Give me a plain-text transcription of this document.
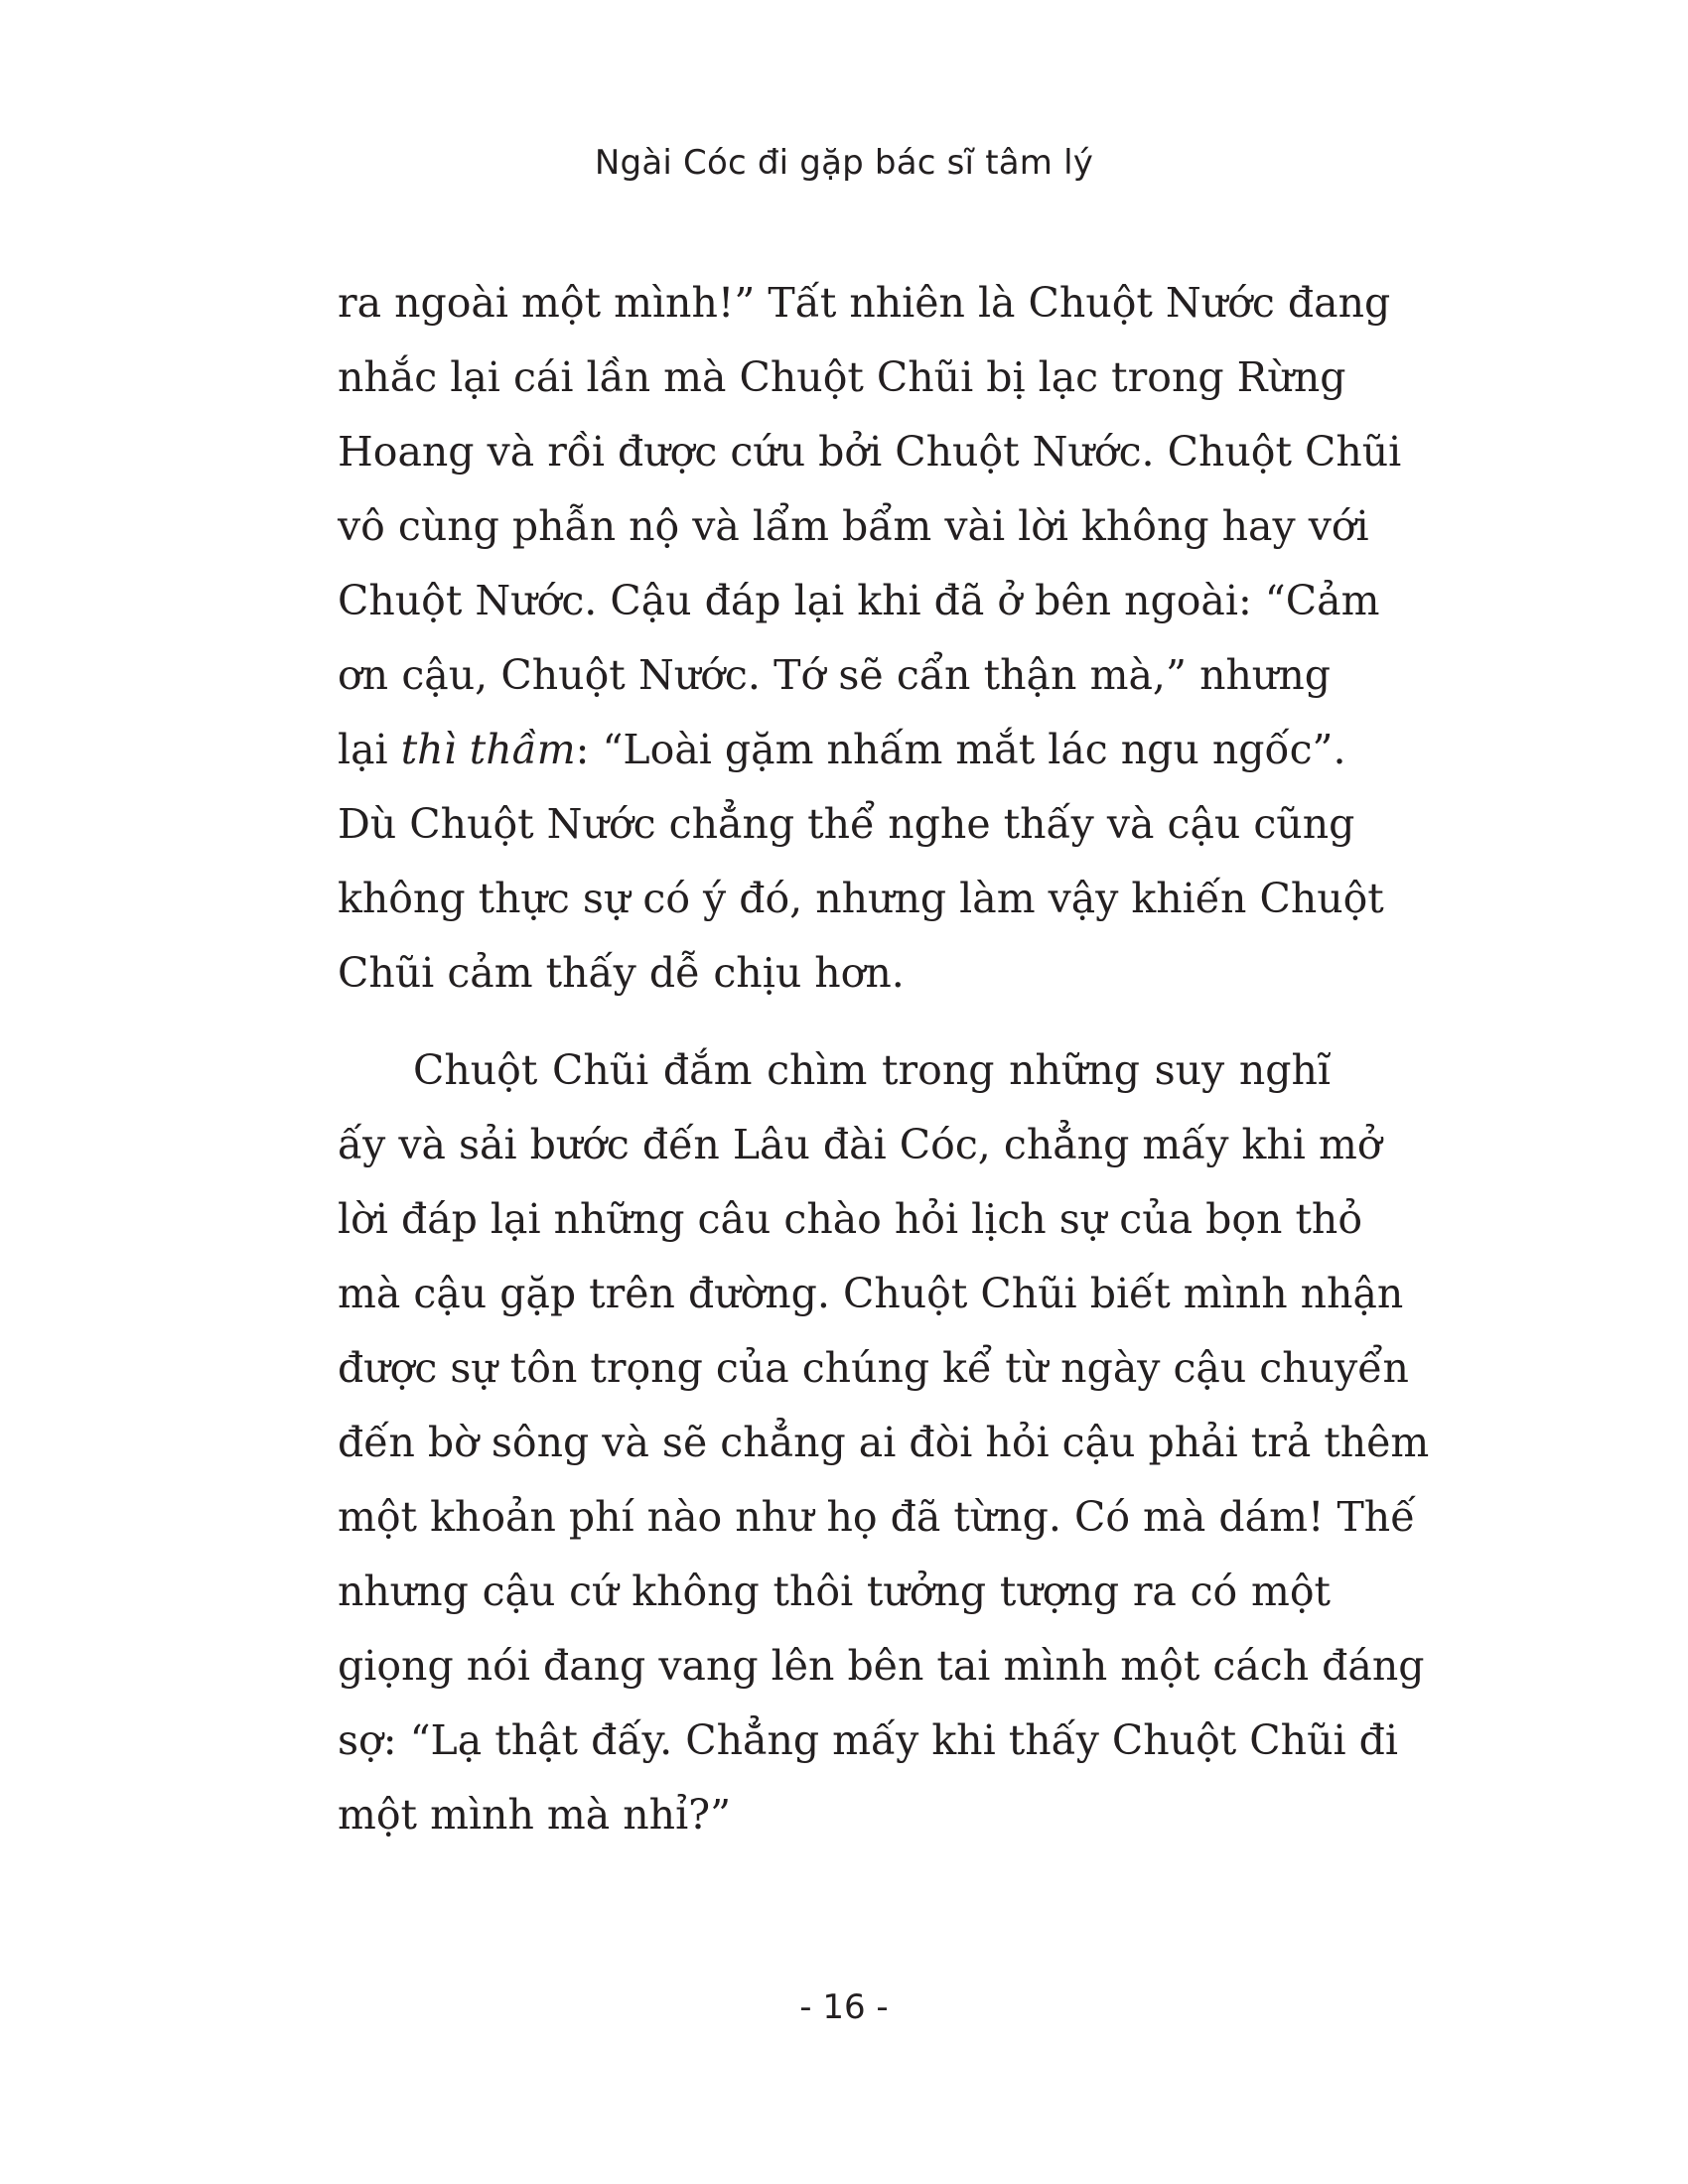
Ngài Cóc đi gặp bác sĩ tâm lý
ra ngoài một mình!” Tất nhiên là Chuột Nước đang
nhắc lại cái lần mà Chuột Chũi bị lạc trong Rừng
Hoang và rồi được cứu bởi Chuột Nước. Chuột Chũi
vô cùng phẫn nộ và lẩm bẩm vài lời không hay với
Chuột Nước. Cậu đáp lại khi đã ở bên ngoài: “Cảm
ơn cậu, Chuột Nước. Tớ sẽ cẩn thận mà,” nhưng
lại thì thầm: “Loài gặm nhấm mắt lác ngu ngốc”.
Dù Chuột Nước chẳng thể nghe thấy và cậu cũng
không thực sự có ý đó, nhưng làm vậy khiến Chuột
Chũi cảm thấy dễ chịu hơn.
Chuột Chũi đắm chìm trong những suy nghĩ
ấy và sải bước đến Lâu đài Cóc, chẳng mấy khi mở
lời đáp lại những câu chào hỏi lịch sự của bọn thỏ
mà cậu gặp trên đường. Chuột Chũi biết mình nhận
được sự tôn trọng của chúng kể từ ngày cậu chuyển
đến bờ sông và sẽ chẳng ai đòi hỏi cậu phải trả thêm
một khoản phí nào như họ đã từng. Có mà dám! Thế
nhưng cậu cứ không thôi tưởng tượng ra có một
giọng nói đang vang lên bên tai mình một cách đáng
sợ: “Lạ thật đấy. Chẳng mấy khi thấy Chuột Chũi đi
một mình mà nhỉ?”
- 16 -
